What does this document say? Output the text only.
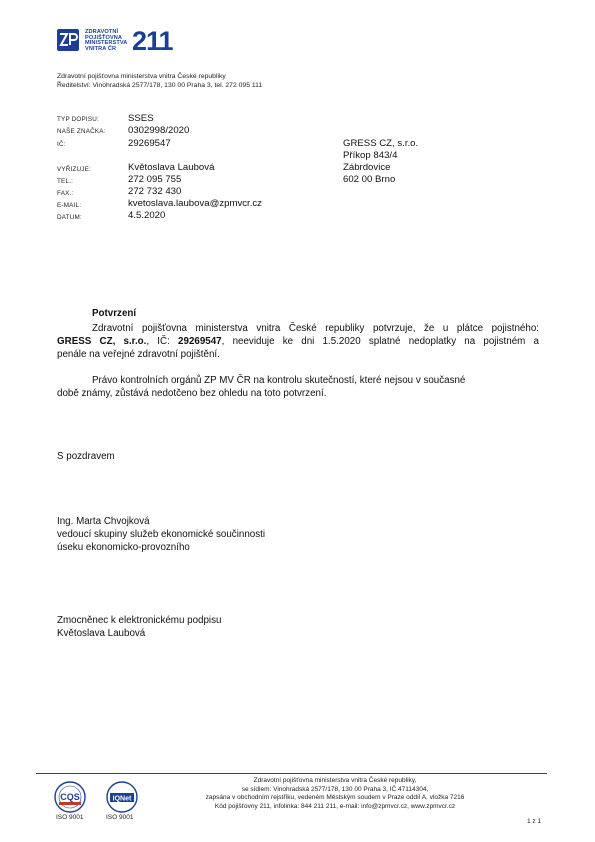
ZDRAVOTNÍ
POJIŠŤOVNA
MINISTERSTVA
VNITRA ČR 211
Zdravotní pojišťovna ministerstva vnitra České republiky
Ředitelství: Vinohradská 2577/178, 130 00 Praha 3, tel. 272 095 111
TYP DOPISU:	SSES
NAŠE ZNAČKA: 0302998/2020
IČ:	29269547
VYŘIZUJE:	Květoslava Laubová
TEL.:	272 095 755
FAX.:	272 732 430
E-MAIL:	kvetoslava.laubova@zpmvcr.cz
DATUM:	4.5.2020
GRESS CZ, s.r.o.
Příkop 843/4
Zábrdovice
602 00 Brno
Potvrzení
Zdravotní pojišťovna ministerstva vnitra České republiky potvrzuje, že u plátce pojistného:
GRESS CZ, s.r.o., IČ: 29269547, neeviduje ke dni 1.5.2020 splatné nedoplatky na pojistném a
penále na veřejné zdravotní pojištění.
Právo kontrolních orgánů ZP MV ČR na kontrolu skutečností, které nejsou v současné
době známy, zůstává nedotčeno bez ohledu na toto potvrzení.
S pozdravem
Ing. Marta Chvojková
vedoucí skupiny služeb ekonomické součinnosti
úseku ekonomicko-provozního
Zmocněnec k elektronickému podpisu
Květoslava Laubová
CQS
ISO 9001
IQNet
ISO 9001
Zdravotní pojišťovna ministerstva vnitra České republiky,
se sídlem: Vinohradská 2577/178, 130 00 Praha 3, IČ 47114304,
zapsána v obchodním rejstříku, vedeném Městským soudem v Praze oddíl A, vložka 7216
Kód pojišťovny 211, infolinka: 844 211 211, e-mail: info@zpmvcr.cz, www.zpmvcr.cz
1 z 1
